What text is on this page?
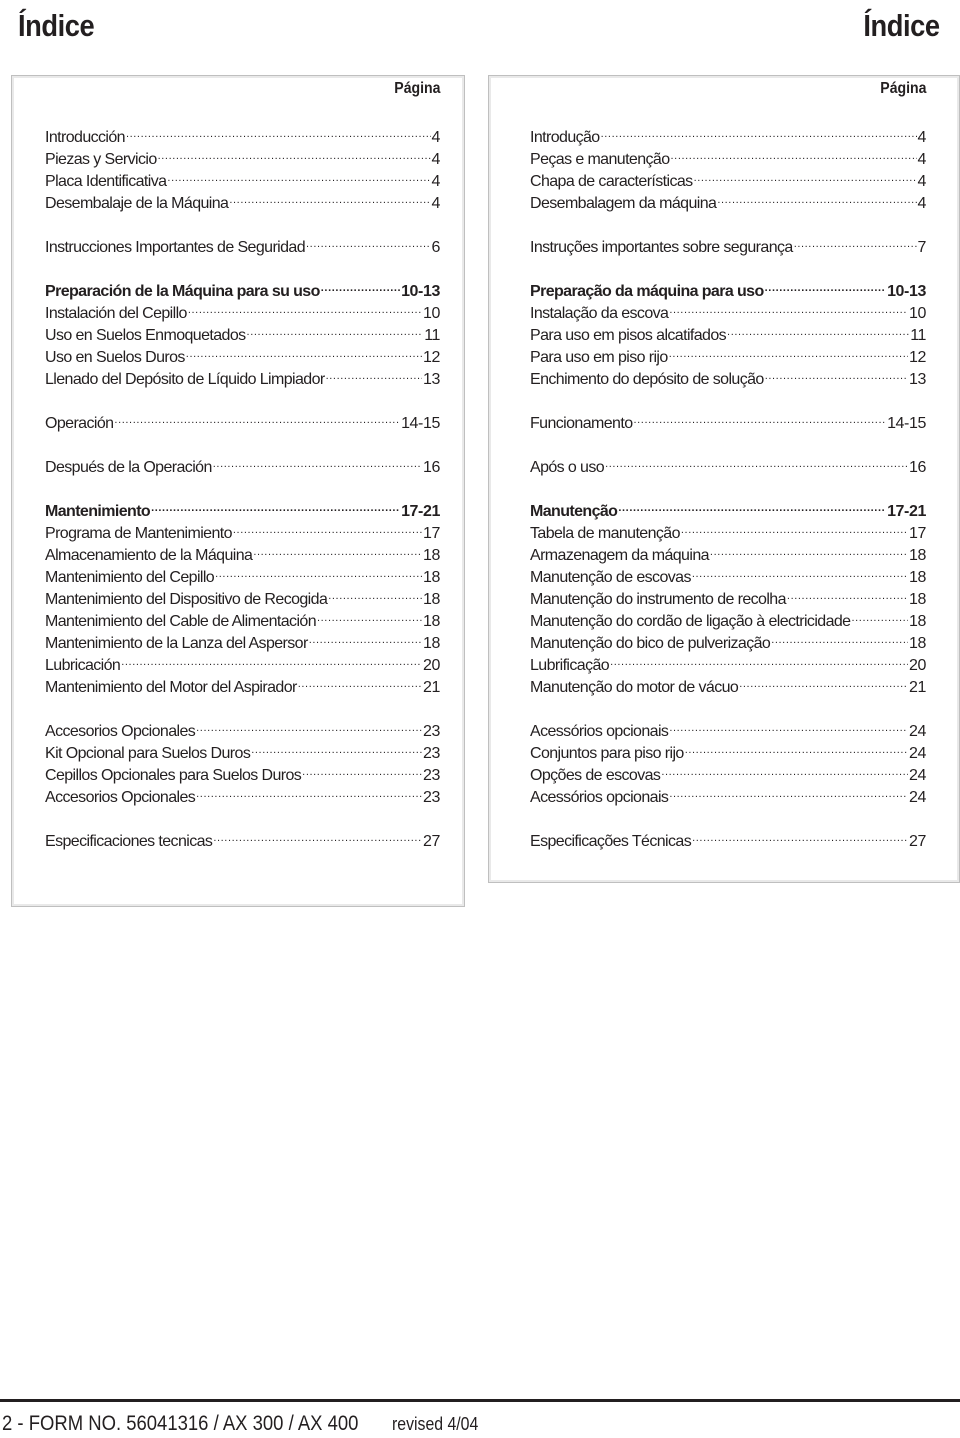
Índice	Índice
Página
Introducción .....	4
Piezas y Servicio .....	4
Placa Identificativa .....	4
Desembalaje de la Máquina .....	4
Instrucciones Importantes de Seguridad .....	6
Preparación de la Máquina para su uso .....	10-13
Instalación del Cepillo .....	10
Uso en Suelos Enmoquetados .....	11
Uso en Suelos Duros .....	12
Llenado del Depósito de Líquido Limpiador .....	13
Operación .....	14-15
Después de la Operación .....	16
Mantenimiento .....	17-21
Programa de Mantenimiento .....	17
Almacenamiento de la Máquina .....	18
Mantenimiento del Cepillo .....	18
Mantenimiento del Dispositivo de Recogida .....	18
Mantenimiento del Cable de Alimentación .....	18
Mantenimiento de la Lanza del Aspersor .....	18
Lubricación .....	20
Mantenimiento del Motor del Aspirador .....	21
Accesorios Opcionales .....	23
Kit Opcional para Suelos Duros .....	23
Cepillos Opcionales para Suelos Duros .....	23
Accesorios Opcionales .....	23
Especificaciones tecnicas .....	27
Página
Introdução .....	4
Peças e manutenção .....	4
Chapa de características .....	4
Desembalagem da máquina .....	4
Instruções importantes sobre segurança .....	7
Preparação da máquina para uso .....	10-13
Instalação da escova .....	10
Para uso em pisos alcatifados .....	11
Para uso em piso rijo .....	12
Enchimento do depósito de solução .....	13
Funcionamento .....	14-15
Após o uso .....	16
Manutenção .....	17-21
Tabela de manutenção .....	17
Armazenagem da máquina .....	18
Manutenção de escovas .....	18
Manutenção do instrumento de recolha .....	18
Manutenção do cordão de ligação à electricidade .....	18
Manutenção do bico de pulverização .....	18
Lubrificação .....	20
Manutenção do motor de vácuo .....	21
Acessórios opcionais .....	24
Conjuntos para piso rijo .....	24
Opções de escovas .....	24
Acessórios opcionais .....	24
Especificações Técnicas .....	27
2 - FORM NO. 56041316 / AX 300 / AX 400 revised 4/04
